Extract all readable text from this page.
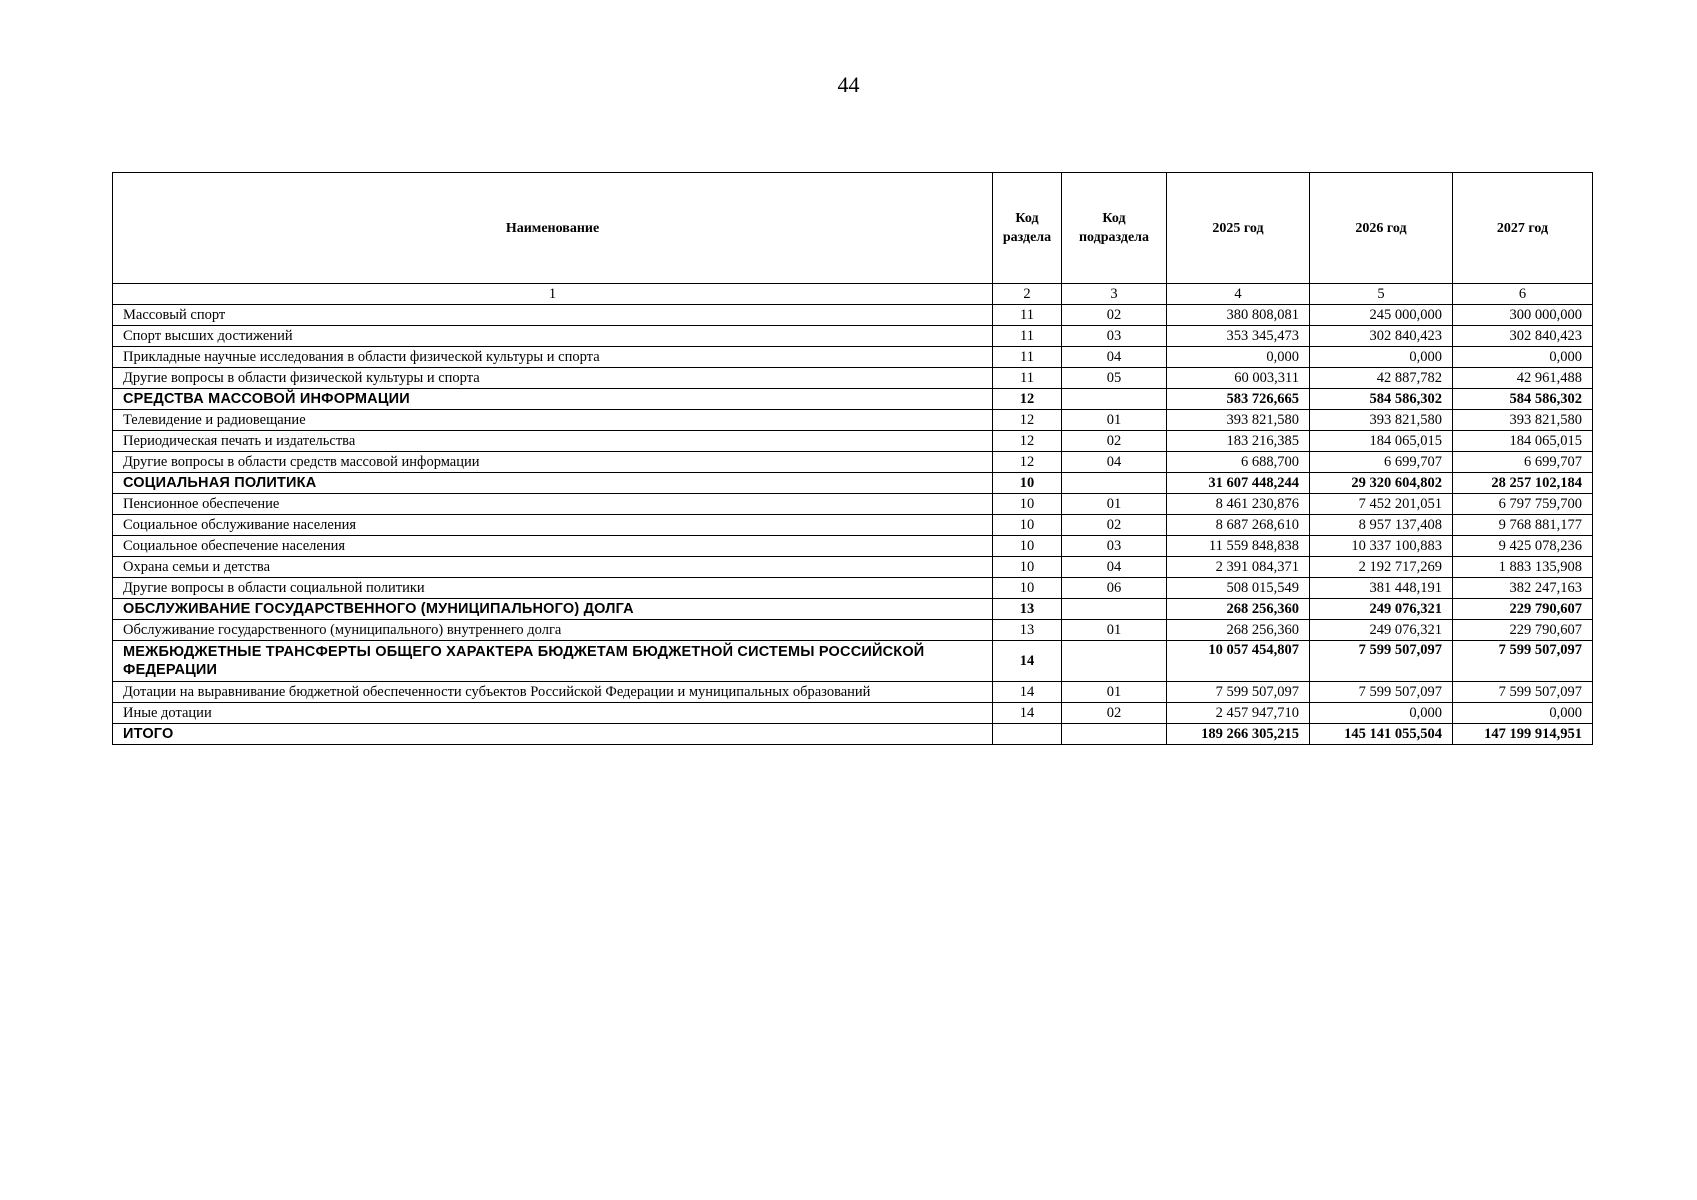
44
Наименование	Код раздела	Код подраздела	2025 год	2026 год	2027 год
1	2	3	4	5	6
Массовый спорт	11	02	380 808,081	245 000,000	300 000,000
Спорт высших достижений	11	03	353 345,473	302 840,423	302 840,423
Прикладные научные исследования в области физической культуры и спорта	11	04	0,000	0,000	0,000
Другие вопросы в области физической культуры и спорта	11	05	60 003,311	42 887,782	42 961,488
СРЕДСТВА МАССОВОЙ ИНФОРМАЦИИ	12		583 726,665	584 586,302	584 586,302
Телевидение и радиовещание	12	01	393 821,580	393 821,580	393 821,580
Периодическая печать и издательства	12	02	183 216,385	184 065,015	184 065,015
Другие вопросы в области средств массовой информации	12	04	6 688,700	6 699,707	6 699,707
СОЦИАЛЬНАЯ ПОЛИТИКА	10		31 607 448,244	29 320 604,802	28 257 102,184
Пенсионное обеспечение	10	01	8 461 230,876	7 452 201,051	6 797 759,700
Социальное обслуживание населения	10	02	8 687 268,610	8 957 137,408	9 768 881,177
Социальное обеспечение населения	10	03	11 559 848,838	10 337 100,883	9 425 078,236
Охрана семьи и детства	10	04	2 391 084,371	2 192 717,269	1 883 135,908
Другие вопросы в области социальной политики	10	06	508 015,549	381 448,191	382 247,163
ОБСЛУЖИВАНИЕ ГОСУДАРСТВЕННОГО (МУНИЦИПАЛЬНОГО) ДОЛГА	13		268 256,360	249 076,321	229 790,607
Обслуживание государственного (муниципального) внутреннего долга	13	01	268 256,360	249 076,321	229 790,607
МЕЖБЮДЖЕТНЫЕ ТРАНСФЕРТЫ ОБЩЕГО ХАРАКТЕРА БЮДЖЕТАМ БЮДЖЕТНОЙ СИСТЕМЫ РОССИЙСКОЙ ФЕДЕРАЦИИ	14		10 057 454,807	7 599 507,097	7 599 507,097
Дотации на выравнивание бюджетной обеспеченности субъектов Российской Федерации и муниципальных образований	14	01	7 599 507,097	7 599 507,097	7 599 507,097
Иные дотации	14	02	2 457 947,710	0,000	0,000
ИТОГО			189 266 305,215	145 141 055,504	147 199 914,951
